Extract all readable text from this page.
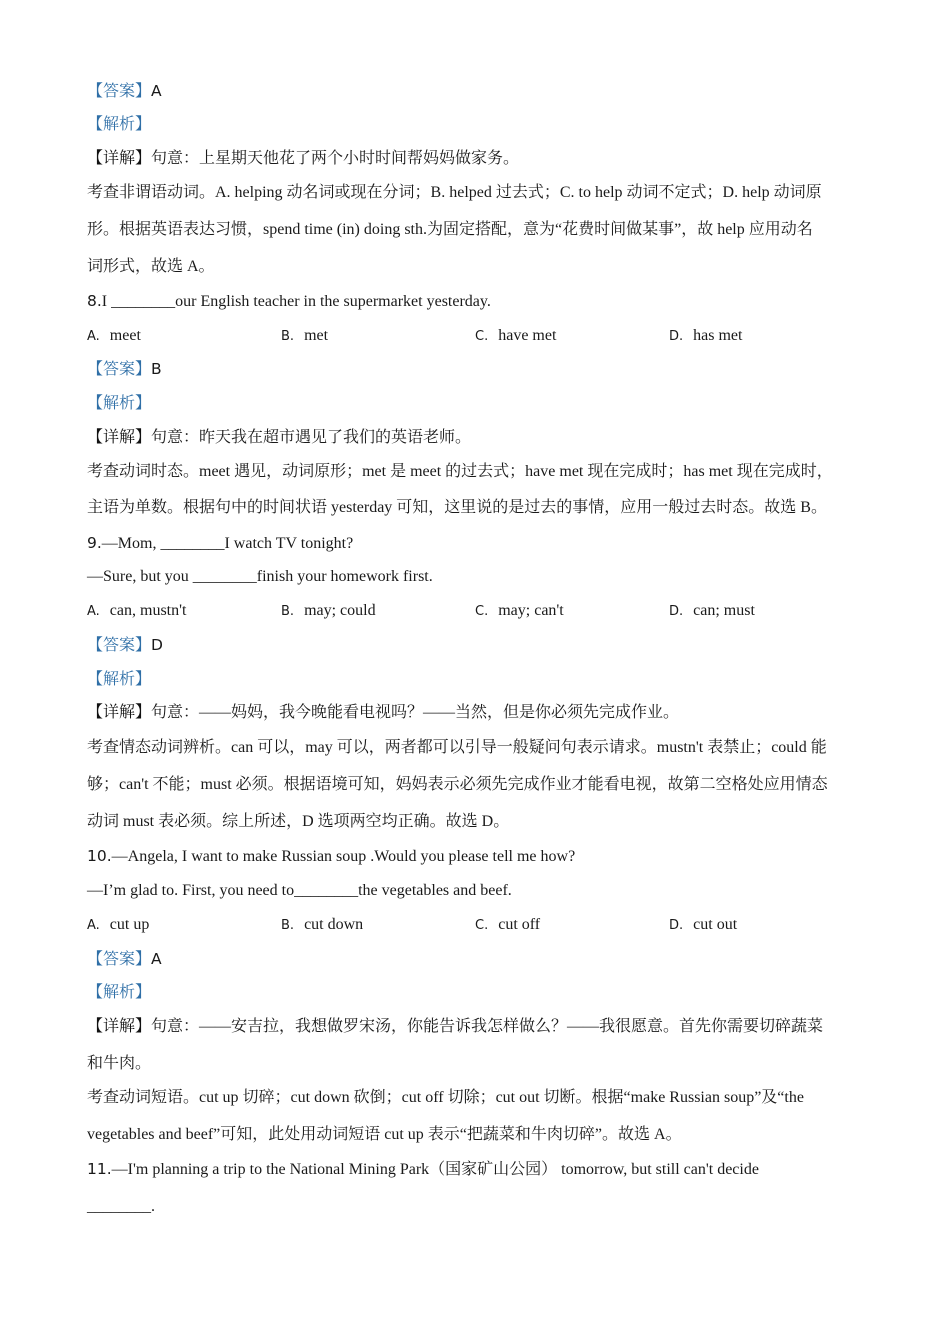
【答案】A
【解析】
【详解】句意：上星期天他花了两个小时时间帮妈妈做家务。
考查非谓语动词。A. helping 动名词或现在分词；B. helped 过去式；C. to help 动词不定式；D. help 动词原
形。根据英语表达习惯，spend time (in) doing sth.为固定搭配，意为“花费时间做某事”，故 help 应用动名
词形式，故选 A。
8.I ________our English teacher in the supermarket yesterday.
A. meet	B. met	C. have met	D. has met
【答案】B
【解析】
【详解】句意：昨天我在超市遇见了我们的英语老师。
考查动词时态。meet 遇见，动词原形；met 是 meet 的过去式；have met 现在完成时；has met 现在完成时，
主语为单数。根据句中的时间状语 yesterday 可知，这里说的是过去的事情，应用一般过去时态。故选 B。
9.—Mom, ________I watch TV tonight?
—Sure, but you ________finish your homework first.
A. can, mustn't	B. may; could	C. may; can't	D. can; must
【答案】D
【解析】
【详解】句意：——妈妈，我今晚能看电视吗？——当然，但是你必须先完成作业。
考查情态动词辨析。can 可以，may 可以，两者都可以引导一般疑问句表示请求。mustn't 表禁止；could 能
够；can't 不能；must 必须。根据语境可知，妈妈表示必须先完成作业才能看电视，故第二空格处应用情态
动词 must 表必须。综上所述，D 选项两空均正确。故选 D。
10.—Angela, I want to make Russian soup .Would you please tell me how?
—I’m glad to. First, you need to________the vegetables and beef.
A. cut up	B. cut down	C. cut off	D. cut out
【答案】A
【解析】
【详解】句意：——安吉拉，我想做罗宋汤，你能告诉我怎样做么？——我很愿意。首先你需要切碎蔬菜
和牛肉。
考查动词短语。cut up 切碎；cut down 砍倒；cut off 切除；cut out 切断。根据“make Russian soup”及“the
vegetables and beef”可知，此处用动词短语 cut up 表示“把蔬菜和牛肉切碎”。故选 A。
11.—I'm planning a trip to the National Mining Park（国家矿山公园） tomorrow, but still can't decide
________.
